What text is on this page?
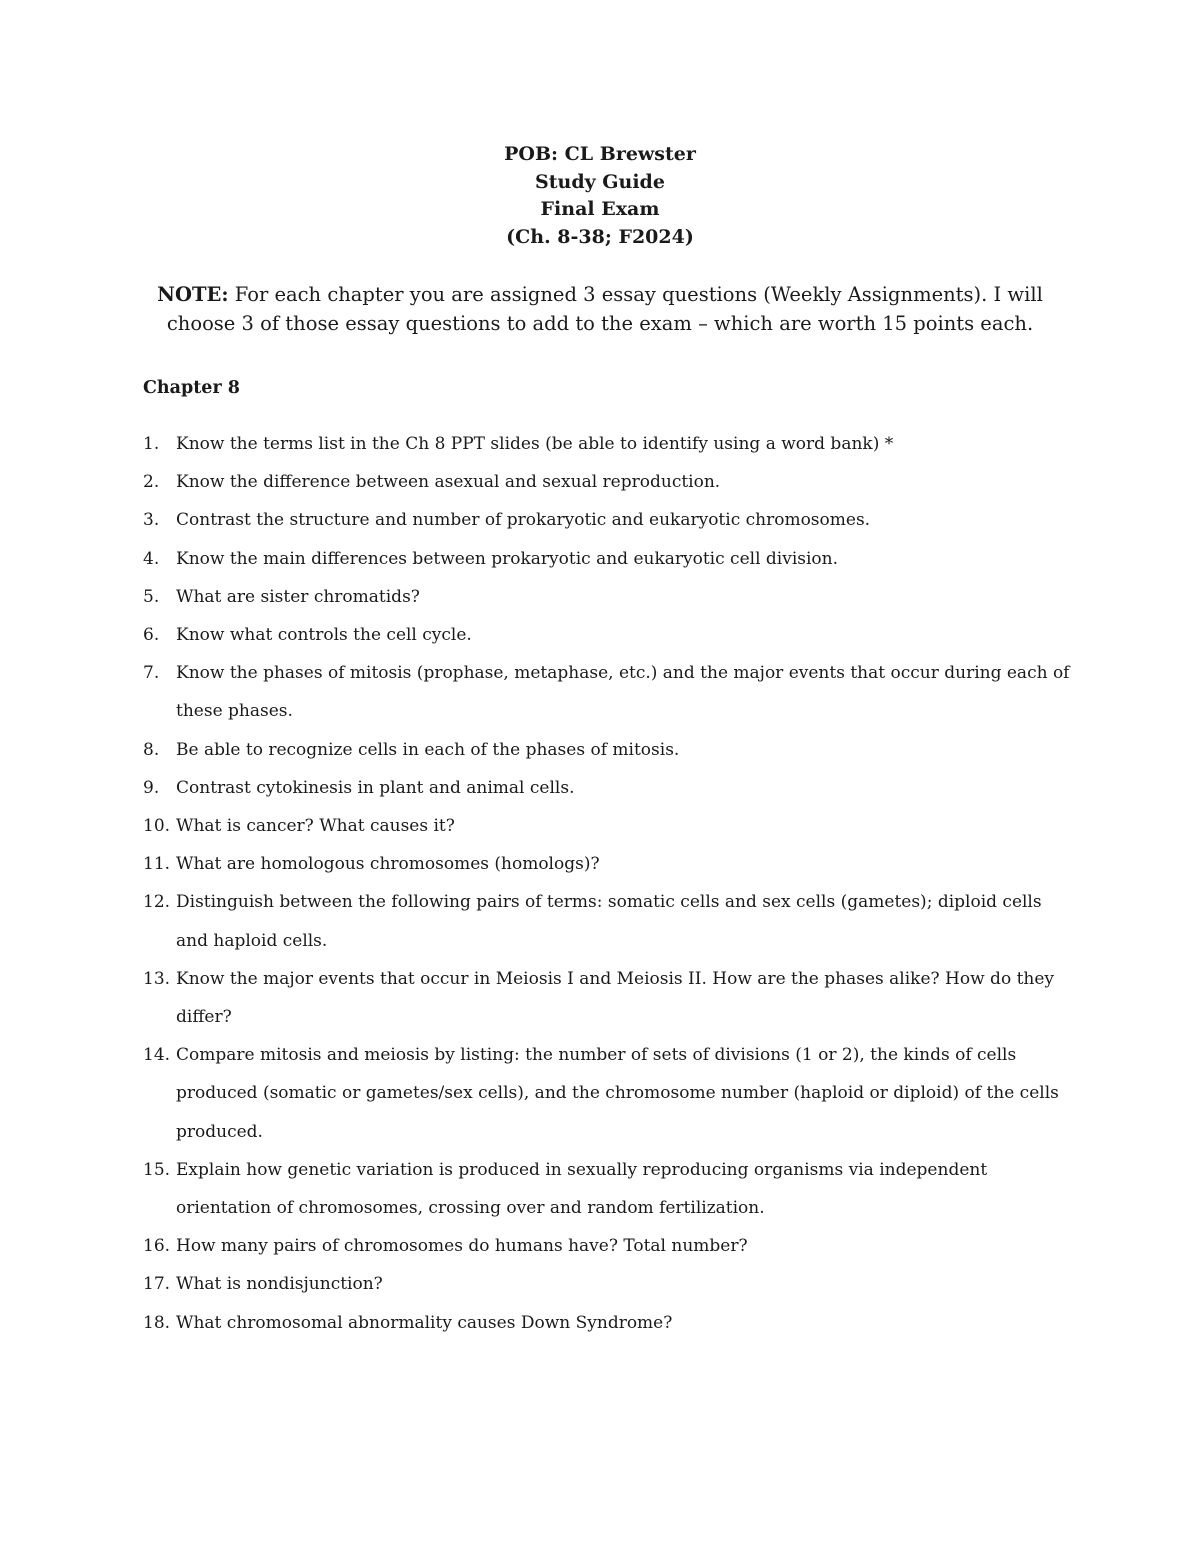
POB: CL Brewster
Study Guide
Final Exam
(Ch. 8-38; F2024)
NOTE: For each chapter you are assigned 3 essay questions (Weekly Assignments). I will choose 3 of those essay questions to add to the exam – which are worth 15 points each.
Chapter 8
1. Know the terms list in the Ch 8 PPT slides (be able to identify using a word bank) *
2. Know the difference between asexual and sexual reproduction.
3. Contrast the structure and number of prokaryotic and eukaryotic chromosomes.
4. Know the main differences between prokaryotic and eukaryotic cell division.
5. What are sister chromatids?
6. Know what controls the cell cycle.
7. Know the phases of mitosis (prophase, metaphase, etc.) and the major events that occur during each of these phases.
8. Be able to recognize cells in each of the phases of mitosis.
9. Contrast cytokinesis in plant and animal cells.
10. What is cancer? What causes it?
11. What are homologous chromosomes (homologs)?
12. Distinguish between the following pairs of terms: somatic cells and sex cells (gametes); diploid cells and haploid cells.
13. Know the major events that occur in Meiosis I and Meiosis II. How are the phases alike? How do they differ?
14. Compare mitosis and meiosis by listing: the number of sets of divisions (1 or 2), the kinds of cells produced (somatic or gametes/sex cells), and the chromosome number (haploid or diploid) of the cells produced.
15. Explain how genetic variation is produced in sexually reproducing organisms via independent orientation of chromosomes, crossing over and random fertilization.
16. How many pairs of chromosomes do humans have? Total number?
17. What is nondisjunction?
18. What chromosomal abnormality causes Down Syndrome?
